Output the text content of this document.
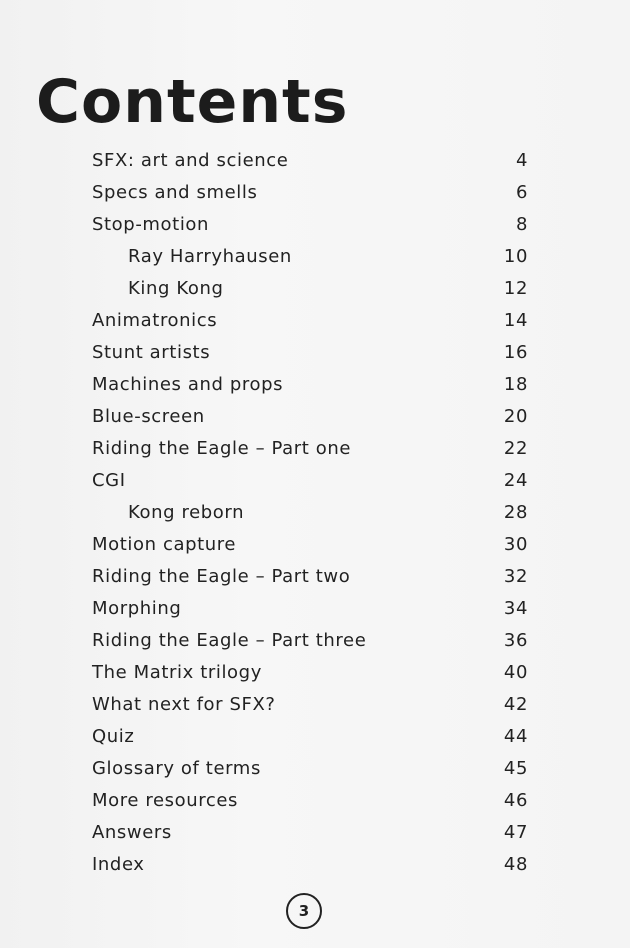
Contents
SFX: art and science	4
Specs and smells	6
Stop-motion	8
Ray Harryhausen	10
King Kong	12
Animatronics	14
Stunt artists	16
Machines and props	18
Blue-screen	20
Riding the Eagle – Part one	22
CGI	24
Kong reborn	28
Motion capture	30
Riding the Eagle – Part two	32
Morphing	34
Riding the Eagle – Part three	36
The Matrix trilogy	40
What next for SFX?	42
Quiz	44
Glossary of terms	45
More resources	46
Answers	47
Index	48
3
